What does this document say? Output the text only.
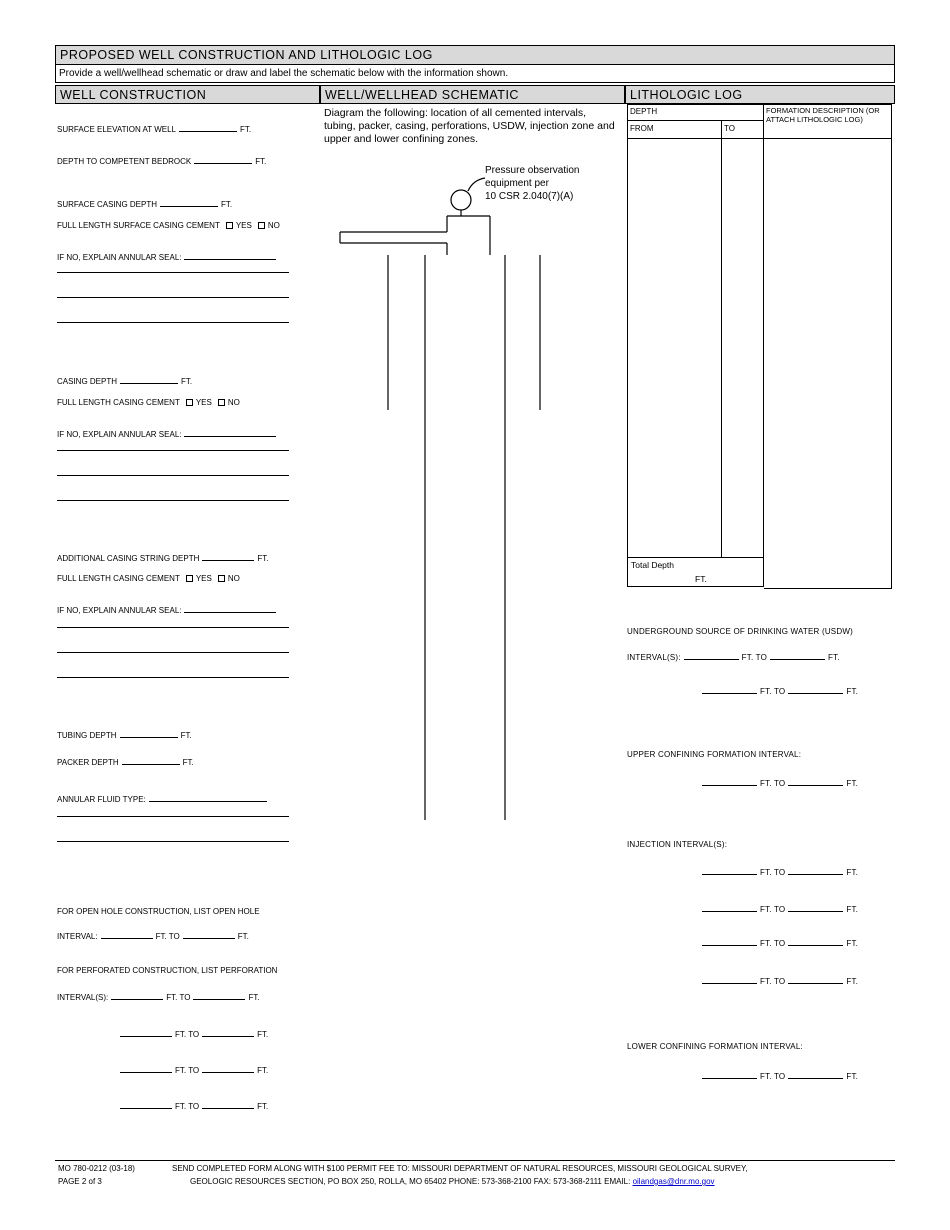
PROPOSED WELL CONSTRUCTION AND LITHOLOGIC LOG
Provide a well/wellhead schematic or draw and label the schematic below with the information shown.
WELL CONSTRUCTION	WELL/WELLHEAD SCHEMATIC	LITHOLOGIC LOG
SURFACE ELEVATION AT WELL	FT.
DEPTH TO COMPETENT BEDROCK	FT.
SURFACE CASING DEPTH	FT.
FULL LENGTH SURFACE CASING CEMENT YES NO
IF NO, EXPLAIN ANNULAR SEAL:
CASING DEPTH	FT.
FULL LENGTH CASING CEMENT YES NO
IF NO, EXPLAIN ANNULAR SEAL:
ADDITIONAL CASING STRING DEPTH	FT.
FULL LENGTH CASING CEMENT YES NO
IF NO, EXPLAIN ANNULAR SEAL:
TUBING DEPTH	FT.
PACKER DEPTH	FT.
ANNULAR FLUID TYPE:
FOR OPEN HOLE CONSTRUCTION, LIST OPEN HOLE
INTERVAL:	FT. TO	FT.
FOR PERFORATED CONSTRUCTION, LIST PERFORATION
INTERVAL(S):	FT. TO	FT.
FT. TO	FT.
FT. TO	FT.
FT. TO	FT.
Diagram the following: location of all cemented intervals, tubing, packer, casing, perforations, USDW, injection zone and upper and lower confining zones.
Pressure observation
equipment per
10 CSR 2.040(7)(A)
DEPTH
FROM	TO
Total Depth
FT.
FORMATION DESCRIPTION (OR ATTACH LITHOLOGIC LOG)
UNDERGROUND SOURCE OF DRINKING WATER (USDW)
INTERVAL(S):	FT. TO	FT.
FT. TO	FT.
UPPER CONFINING FORMATION INTERVAL:
FT. TO	FT.
INJECTION INTERVAL(S):
FT. TO	FT.
FT. TO	FT.
FT. TO	FT.
FT. TO	FT.
LOWER CONFINING FORMATION INTERVAL:
FT. TO	FT.
MO 780-0212 (03-18)	SEND COMPLETED FORM ALONG WITH $100 PERMIT FEE TO: MISSOURI DEPARTMENT OF NATURAL RESOURCES, MISSOURI GEOLOGICAL SURVEY,
PAGE 2 of 3	GEOLOGIC RESOURCES SECTION, PO BOX 250, ROLLA, MO 65402 PHONE: 573-368-2100 FAX: 573-368-2111 EMAIL: oilandgas@dnr.mo.gov
